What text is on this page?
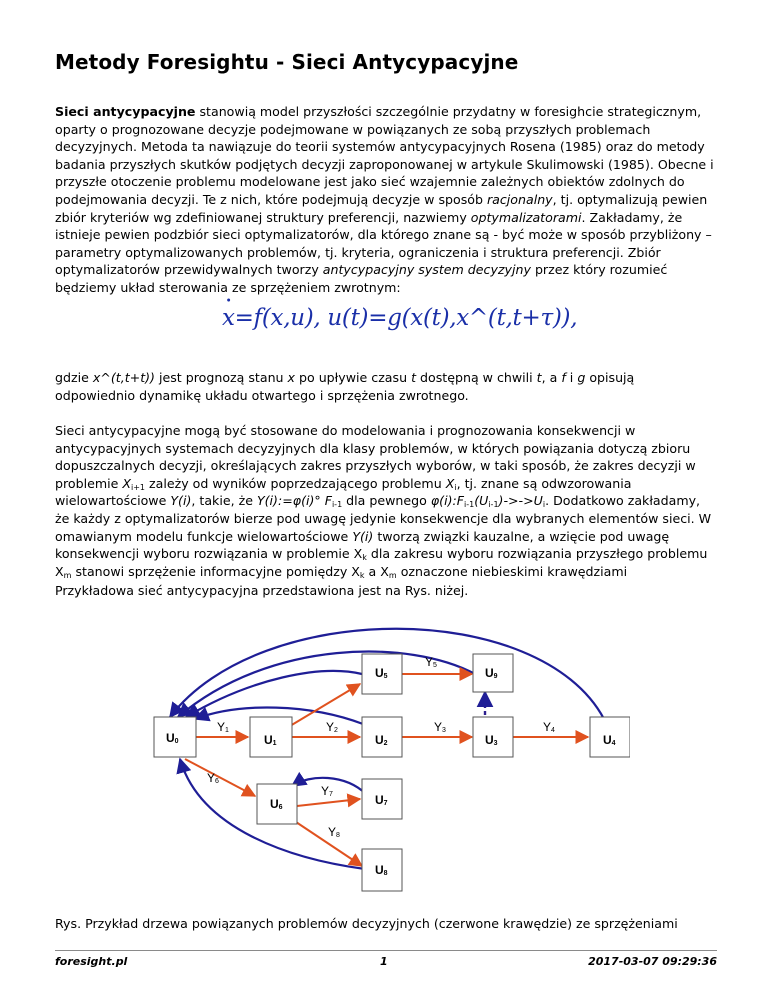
Metody Foresightu - Sieci Antycypacyjne

Sieci antycypacyjne stanowią model przyszłości szczególnie przydatny w foresighcie strategicznym, oparty o prognozowane decyzje podejmowane w powiązanych ze sobą przyszłych problemach decyzyjnych. Metoda ta nawiązuje do teorii systemów antycypacyjnych Rosena (1985) oraz do metody badania przyszłych skutków podjętych decyzji zaproponowanej w artykule Skulimowski (1985). Obecne i przyszłe otoczenie problemu modelowane jest jako sieć wzajemnie zależnych obiektów zdolnych do podejmowania decyzji. Te z nich, które podejmują decyzje w sposób racjonalny, tj. optymalizują pewien zbiór kryteriów wg zdefiniowanej struktury preferencji, nazwiemy optymalizatorami. Zakładamy, że istnieje pewien podzbiór sieci optymalizatorów, dla którego znane są - być może w sposób przybliżony – parametry optymalizowanych problemów, tj. kryteria, ograniczenia i struktura preferencji. Zbiór optymalizatorów przewidywalnych tworzy antycypacyjny system decyzyjny przez który rozumieć będziemy układ sterowania ze sprzężeniem zwrotnym:

· x=f(x,u), u(t)=g(x(t),x^(t,t+τ)),

gdzie x^(t,t+t)) jest prognozą stanu x po upływie czasu t dostępną w chwili t, a f i g opisują odpowiednio dynamikę układu otwartego i sprzężenia zwrotnego.

Sieci antycypacyjne mogą być stosowane do modelowania i prognozowania konsekwencji w antycypacyjnych systemach decyzyjnych dla klasy problemów, w których powiązania dotyczą zbioru dopuszczalnych decyzji, określających zakres przyszłych wyborów, w taki sposób, że zakres decyzji w problemie $X_{i+1}$ zależy od wyników poprzedzającego problemu $X_i$, tj. znane są odwzorowania wielowartościowe Y(i), takie, że Y(i):=φ(i)° $F_{i-1}$ dla pewnego $\varphi(i):F_{i-1}(U_{i-1})->->U_i$. Dodatkowo zakładamy, że każdy z optymalizatorów bierze pod uwagę jedynie konsekwencje dla wybranych elementów sieci. W omawianym modelu funkcje wielowartościowe Y(i) tworzą związki kauzalne, a wzięcie pod uwagę konsekwencji wyboru rozwiązania w problemie $X_k$ dla zakresu wyboru rozwiązania przyszłego problemu $X_m$ stanowi sprzężenie informacyjne pomiędzy $X_k$ a $X_m$ oznaczone niebieskimi krawędziami

Przykładowa sieć antycypacyjna przedstawiona jest na Rys. niżej.

U0	U1	U2	U3	U4
U5
U6
U7
U8
U9
Y1	Y2	Y3	Y4
Y5
Y6
Y7
Y8

Rys. Przykład drzewa powiązanych problemów decyzyjnych (czerwone krawędzie) ze sprzężeniami

foresight.pl	1	2017-03-07 09:29:36
